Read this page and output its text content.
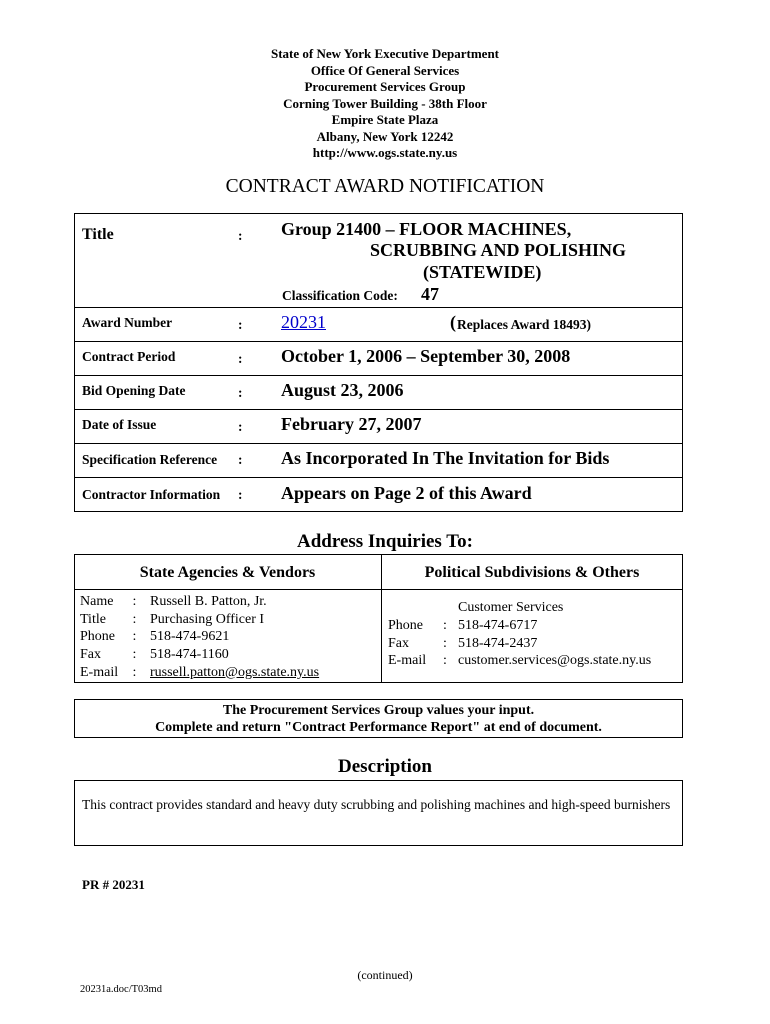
State of New York Executive Department
Office Of General Services
Procurement Services Group
Corning Tower Building - 38th Floor
Empire State Plaza
Albany, New York 12242
http://www.ogs.state.ny.us
CONTRACT AWARD NOTIFICATION
Title	: Group 21400 – FLOOR MACHINES,
SCRUBBING AND POLISHING
(STATEWIDE)
Classification Code: 47
Award Number	: 20231	( Replaces Award 18493)
Contract Period	: October 1, 2006 – September 30, 2008
Bid Opening Date	: August 23, 2006
Date of Issue	: February 27, 2007
Specification Reference : As Incorporated In The Invitation for Bids
Contractor Information : Appears on Page 2 of this Award
Address Inquiries To:
State Agencies & Vendors	Political Subdivisions & Others
Name	:	Russell B. Patton, Jr.
Title	:	Purchasing Officer I
Phone	:	518-474-9621
Fax	:	518-474-1160
E-mail	:	russell.patton@ogs.state.ny.us
Customer Services
Phone	:	518-474-6717
Fax	:	518-474-2437
E-mail	:	customer.services@ogs.state.ny.us
The Procurement Services Group values your input.
Complete and return "Contract Performance Report" at end of document.
Description
This contract provides standard and heavy duty scrubbing and polishing machines and high-speed burnishers
PR # 20231
(continued)
20231a.doc/T03md
